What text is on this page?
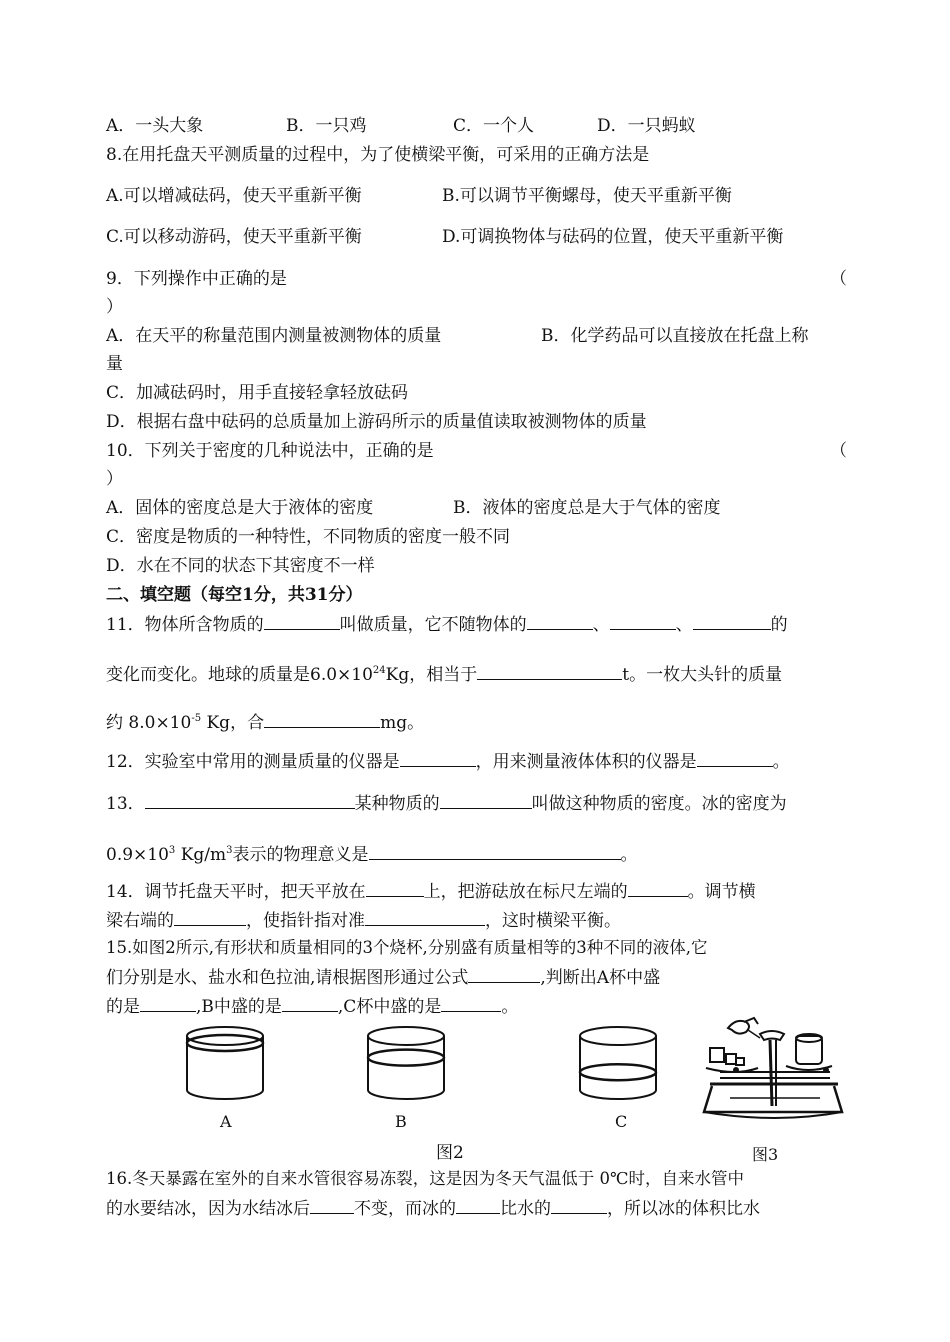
A．一头大象	B．一只鸡	C．一个人	D．一只蚂蚁
8.在用托盘天平测质量的过程中，为了使横梁平衡，可采用的正确方法是
A.可以增减砝码，使天平重新平衡	B.可以调节平衡螺母，使天平重新平衡
C.可以移动游码，使天平重新平衡	D.可调换物体与砝码的位置，使天平重新平衡
9．下列操作中正确的是	（
）
A．在天平的称量范围内测量被测物体的质量	B．化学药品可以直接放在托盘上称
量
C．加减砝码时，用手直接轻拿轻放砝码
D．根据右盘中砝码的总质量加上游码所示的质量值读取被测物体的质量
10．下列关于密度的几种说法中，正确的是	（
）
A．固体的密度总是大于液体的密度	B．液体的密度总是大于气体的密度
C．密度是物质的一种特性，不同物质的密度一般不同
D．水在不同的状态下其密度不一样
二、填空题（每空1分，共31分）
11．物体所含物质的	叫做质量，它不随物体的	、	、	的
变化而变化。地球的质量是$6.0\times 10^{24}Kg$，相当于	t。一枚大头针的质量
约 $8.0\times 10^{-5}$ Kg，合	mg。
12．实验室中常用的测量质量的仪器是	，用来测量液体体积的仪器是	。
13．	某种物质的	叫做这种物质的密度。冰的密度为
$0.9\times 10^3$ $Kg/m^3$表示的物理意义是	。
14．调节托盘天平时，把天平放在	上，把游砝放在标尺左端的	。调节横
梁右端的	，使指针指对准	，这时横梁平衡。
15.如图2所示,有形状和质量相同的3个烧杯,分别盛有质量相等的3种不同的液体,它
们分别是水、盐水和色拉油,请根据图形通过公式	,判断出A杯中盛
的是	,B中盛的是	,C杯中盛的是	。
A	B	C
图2	图3
16.冬天暴露在室外的自来水管很容易冻裂，这是因为冬天气温低于 0℃时，自来水管中
的水要结冰，因为水结冰后	不变，而冰的	比水的	，所以冰的体积比水
